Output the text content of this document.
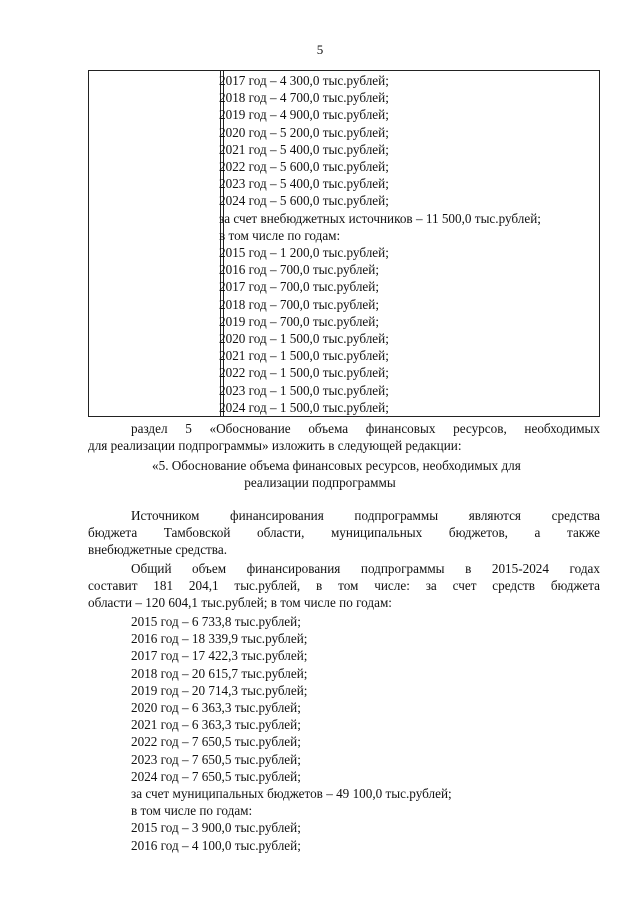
5
2017 год – 4 300,0 тыс.рублей;
2018 год – 4 700,0 тыс.рублей;
2019 год – 4 900,0 тыс.рублей;
2020 год – 5 200,0 тыс.рублей;
2021 год – 5 400,0 тыс.рублей;
2022 год – 5 600,0 тыс.рублей;
2023 год – 5 400,0 тыс.рублей;
2024 год – 5 600,0 тыс.рублей;
за счет внебюджетных источников – 11 500,0 тыс.рублей;
в том числе по годам:
2015 год – 1 200,0 тыс.рублей;
2016 год – 700,0 тыс.рублей;
2017 год – 700,0 тыс.рублей;
2018 год – 700,0 тыс.рублей;
2019 год – 700,0 тыс.рублей;
2020 год – 1 500,0 тыс.рублей;
2021 год – 1 500,0 тыс.рублей;
2022 год – 1 500,0 тыс.рублей;
2023 год – 1 500,0 тыс.рублей;
2024 год – 1 500,0 тыс.рублей;
раздел 5 «Обоснование объема финансовых ресурсов, необходимых
для реализации подпрограммы» изложить в следующей редакции:
«5. Обоснование объема финансовых ресурсов, необходимых для
реализации подпрограммы
Источником финансирования подпрограммы являются средства
бюджета Тамбовской области, муниципальных бюджетов, а также
внебюджетные средства.
Общий объем финансирования подпрограммы в 2015-2024 годах
составит 181 204,1 тыс.рублей, в том числе: за счет средств бюджета
области – 120 604,1 тыс.рублей; в том числе по годам:
2015 год – 6 733,8 тыс.рублей;
2016 год – 18 339,9 тыс.рублей;
2017 год – 17 422,3 тыс.рублей;
2018 год – 20 615,7 тыс.рублей;
2019 год – 20 714,3 тыс.рублей;
2020 год – 6 363,3 тыс.рублей;
2021 год – 6 363,3 тыс.рублей;
2022 год – 7 650,5 тыс.рублей;
2023 год – 7 650,5 тыс.рублей;
2024 год – 7 650,5 тыс.рублей;
за счет муниципальных бюджетов – 49 100,0 тыс.рублей;
в том числе по годам:
2015 год – 3 900,0 тыс.рублей;
2016 год – 4 100,0 тыс.рублей;
